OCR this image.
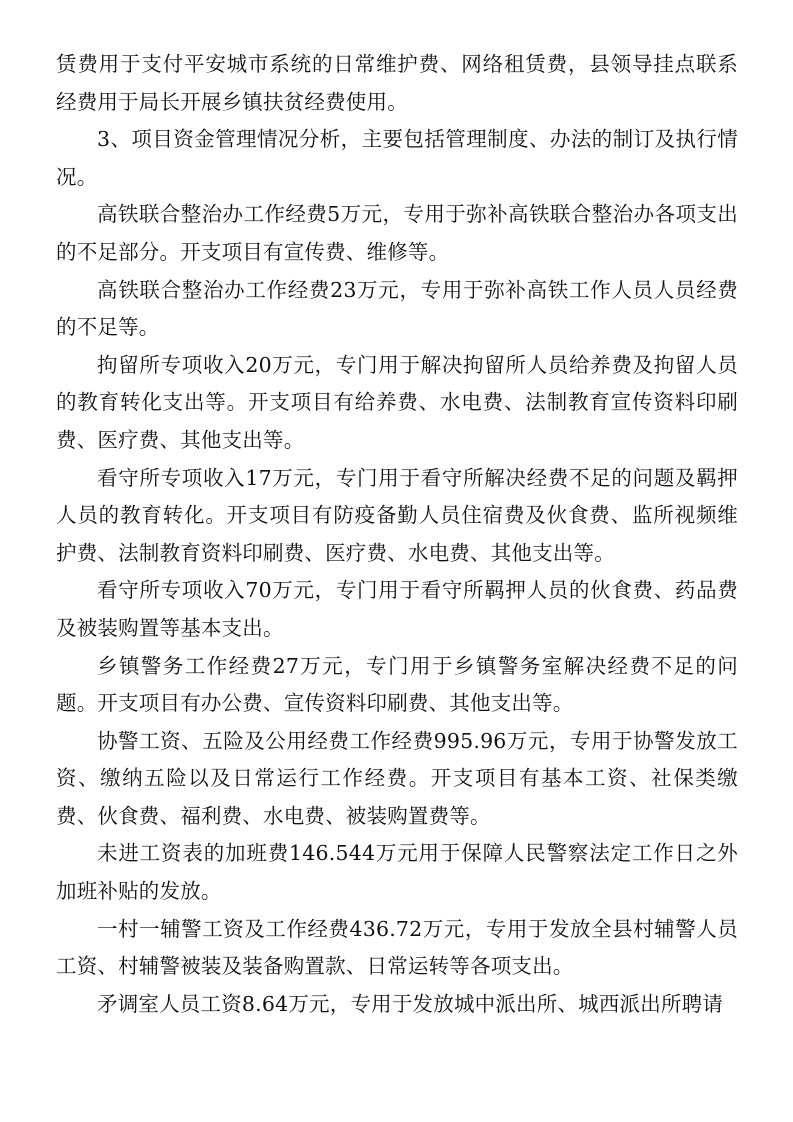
赁费用于支付平安城市系统的日常维护费、网络租赁费，县领导挂点联系经费用于局长开展乡镇扶贫经费使用。

3、项目资金管理情况分析，主要包括管理制度、办法的制订及执行情况。

高铁联合整治办工作经费5万元，专用于弥补高铁联合整治办各项支出的不足部分。开支项目有宣传费、维修等。

高铁联合整治办工作经费23万元，专用于弥补高铁工作人员人员经费的不足等。

拘留所专项收入20万元，专门用于解决拘留所人员给养费及拘留人员的教育转化支出等。开支项目有给养费、水电费、法制教育宣传资料印刷费、医疗费、其他支出等。

看守所专项收入17万元，专门用于看守所解决经费不足的问题及羁押人员的教育转化。开支项目有防疫备勤人员住宿费及伙食费、监所视频维护费、法制教育资料印刷费、医疗费、水电费、其他支出等。

看守所专项收入70万元，专门用于看守所羁押人员的伙食费、药品费及被装购置等基本支出。

乡镇警务工作经费27万元，专门用于乡镇警务室解决经费不足的问题。开支项目有办公费、宣传资料印刷费、其他支出等。

协警工资、五险及公用经费工作经费995.96万元，专用于协警发放工资、缴纳五险以及日常运行工作经费。开支项目有基本工资、社保类缴费、伙食费、福利费、水电费、被装购置费等。

未进工资表的加班费146.544万元用于保障人民警察法定工作日之外加班补贴的发放。

一村一辅警工资及工作经费436.72万元，专用于发放全县村辅警人员工资、村辅警被装及装备购置款、日常运转等各项支出。

矛调室人员工资8.64万元，专用于发放城中派出所、城西派出所聘请
